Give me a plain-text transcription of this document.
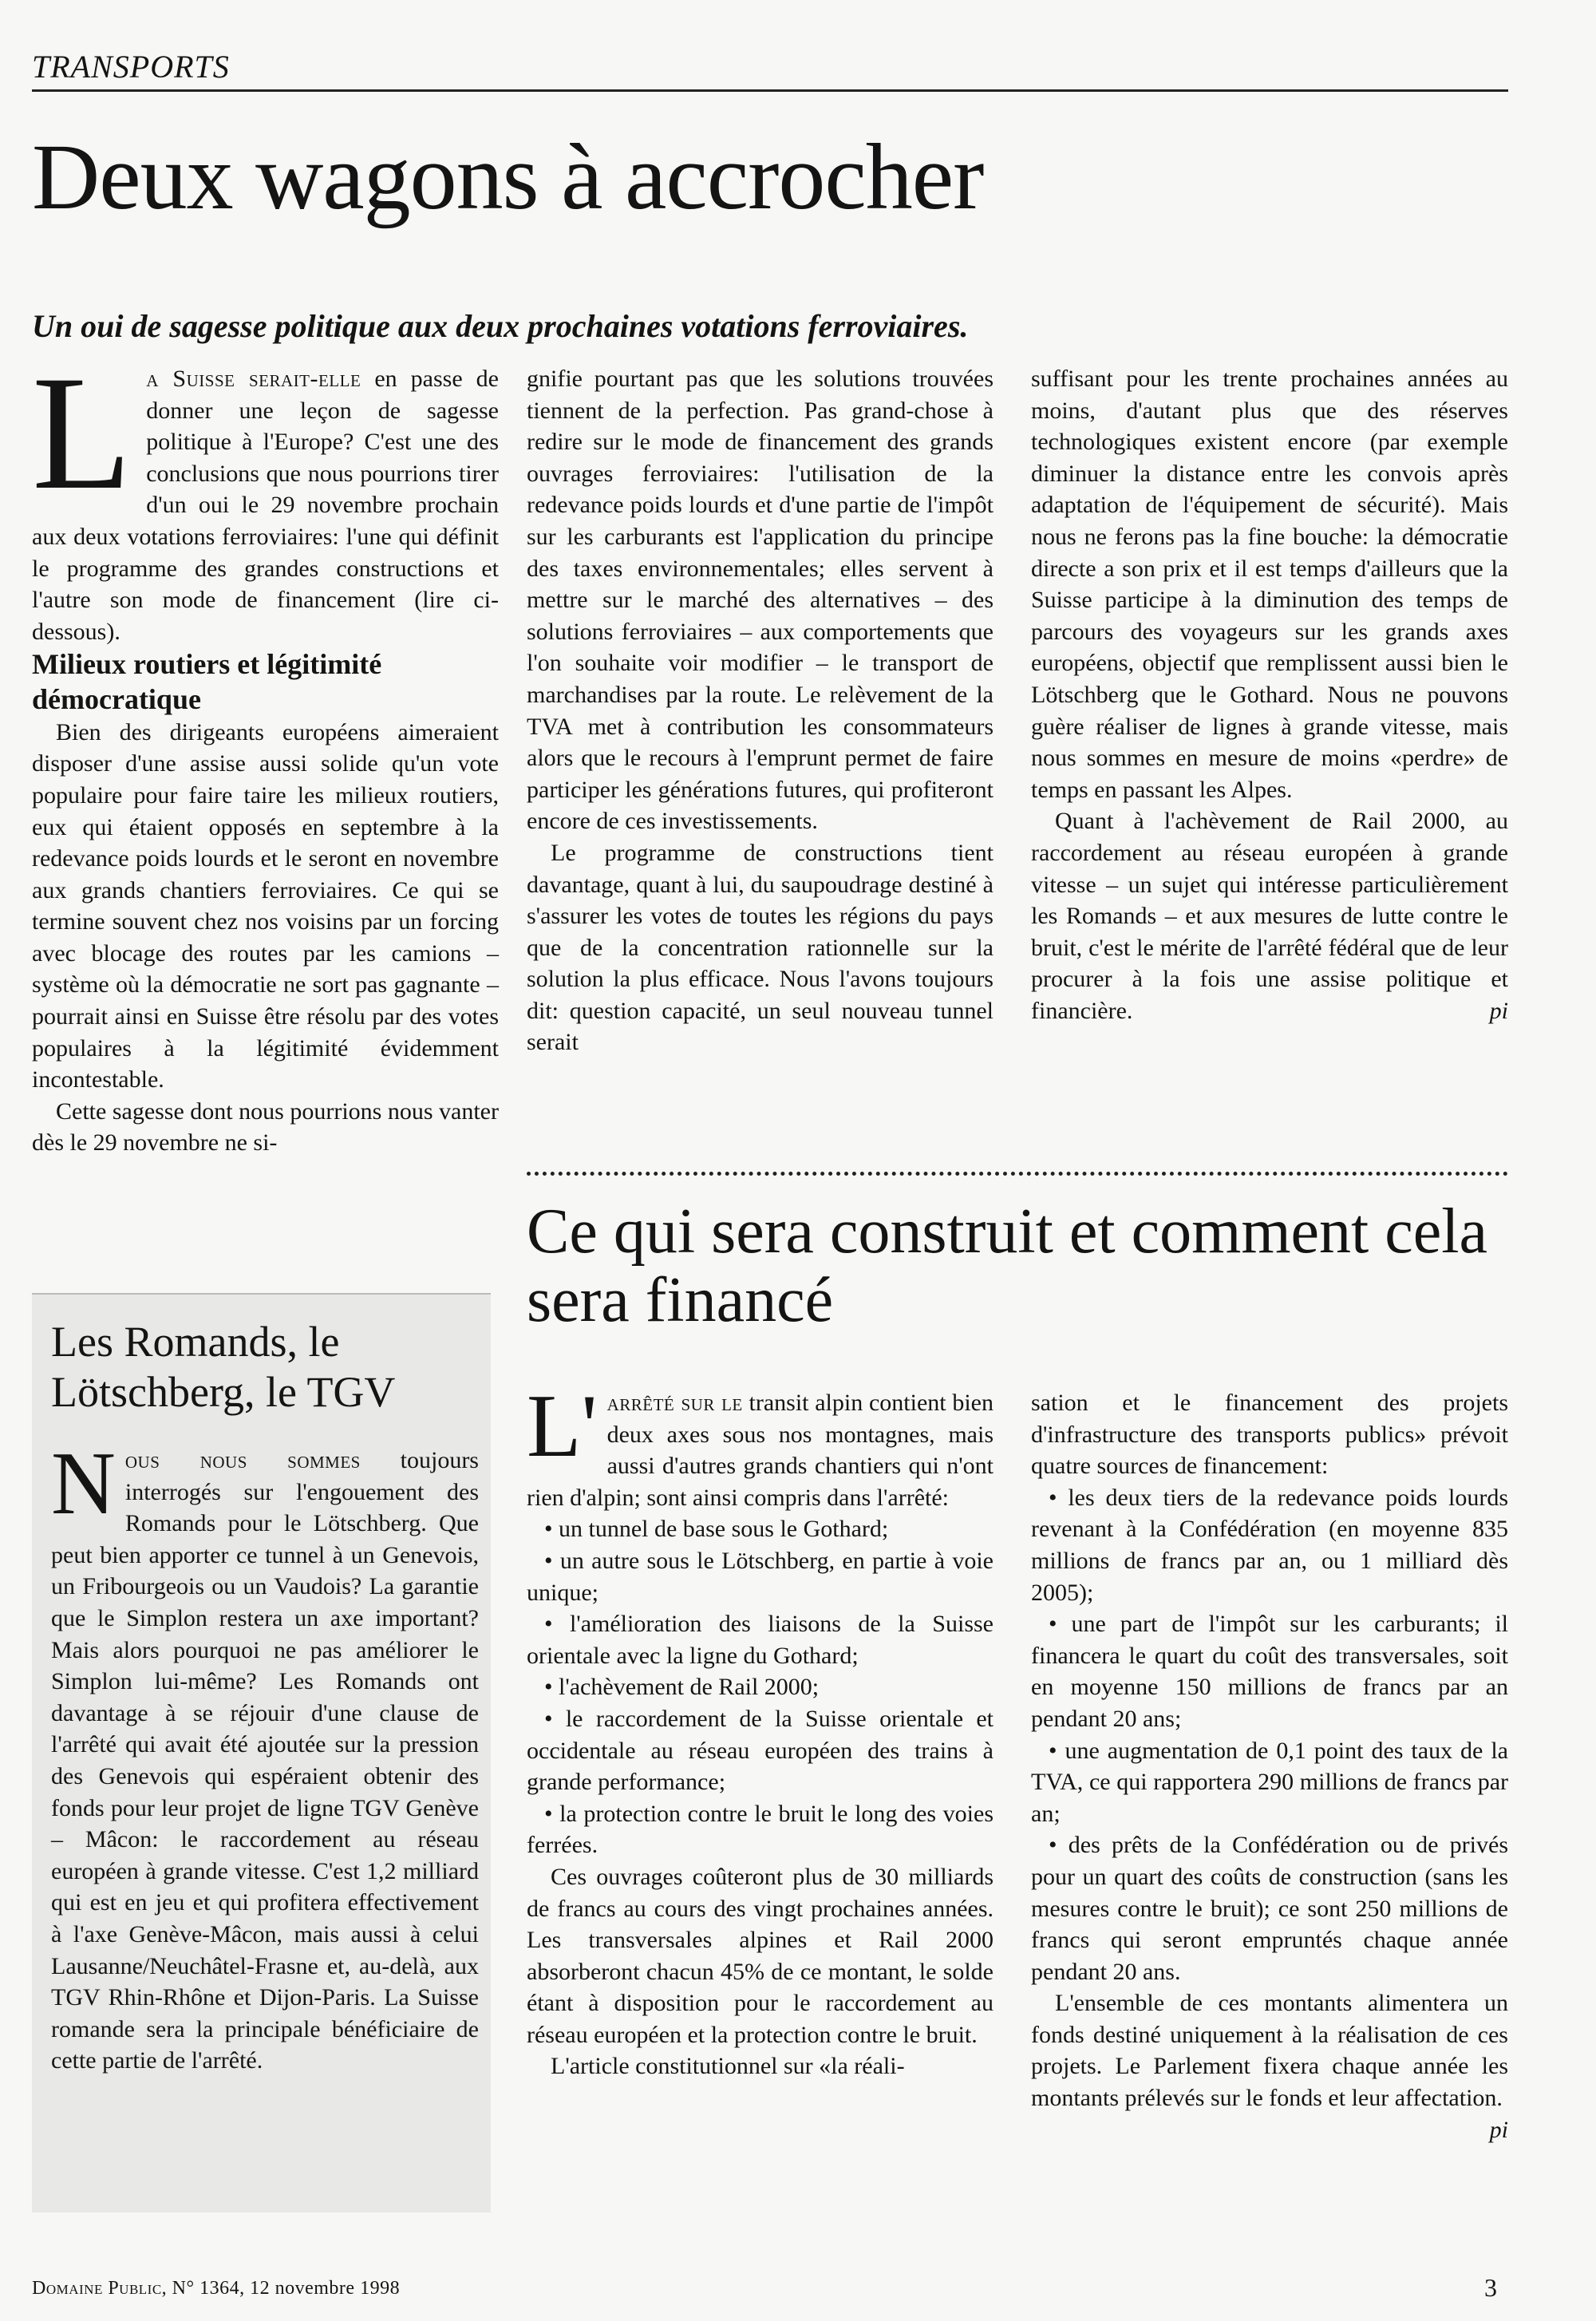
TRANSPORTS
Deux wagons à accrocher
Un oui de sagesse politique aux deux prochaines votations ferroviaires.

La Suisse serait-elle en passe de donner une leçon de sagesse politique à l'Europe? C'est une des conclusions que nous pourrions tirer d'un oui le 29 novembre prochain aux deux votations ferroviaires: l'une qui définit le programme des grandes constructions et l'autre son mode de financement (lire ci-dessous).

Milieux routiers et légitimité démocratique

Bien des dirigeants européens aimeraient disposer d'une assise aussi solide qu'un vote populaire pour faire taire les milieux routiers, eux qui étaient opposés en septembre à la redevance poids lourds et le seront en novembre aux grands chantiers ferroviaires. Ce qui se termine souvent chez nos voisins par un forcing avec blocage des routes par les camions – système où la démocratie ne sort pas gagnante – pourrait ainsi en Suisse être résolu par des votes populaires à la légitimité évidemment incontestable.

Cette sagesse dont nous pourrions nous vanter dès le 29 novembre ne si-

gnifie pourtant pas que les solutions trouvées tiennent de la perfection. Pas grand-chose à redire sur le mode de financement des grands ouvrages ferroviaires: l'utilisation de la redevance poids lourds et d'une partie de l'impôt sur les carburants est l'application du principe des taxes environnementales; elles servent à mettre sur le marché des alternatives – des solutions ferroviaires – aux comportements que l'on souhaite voir modifier – le transport de marchandises par la route. Le relèvement de la TVA met à contribution les consommateurs alors que le recours à l'emprunt permet de faire participer les générations futures, qui profiteront encore de ces investissements.

Le programme de constructions tient davantage, quant à lui, du saupoudrage destiné à s'assurer les votes de toutes les régions du pays que de la concentration rationnelle sur la solution la plus efficace. Nous l'avons toujours dit: question capacité, un seul nouveau tunnel serait

suffisant pour les trente prochaines années au moins, d'autant plus que des réserves technologiques existent encore (par exemple diminuer la distance entre les convois après adaptation de l'équipement de sécurité). Mais nous ne ferons pas la fine bouche: la démocratie directe a son prix et il est temps d'ailleurs que la Suisse participe à la diminution des temps de parcours des voyageurs sur les grands axes européens, objectif que remplissent aussi bien le Lötschberg que le Gothard. Nous ne pouvons guère réaliser de lignes à grande vitesse, mais nous sommes en mesure de moins «perdre» de temps en passant les Alpes.

Quant à l'achèvement de Rail 2000, au raccordement au réseau européen à grande vitesse – un sujet qui intéresse particulièrement les Romands – et aux mesures de lutte contre le bruit, c'est le mérite de l'arrêté fédéral que de leur procurer à la fois une assise politique et financière.	pi

Les Romands, le Lötschberg, le TGV

Nous nous sommes toujours interrogés sur l'engouement des Romands pour le Lötschberg. Que peut bien apporter ce tunnel à un Genevois, un Fribourgeois ou un Vaudois? La garantie que le Simplon restera un axe important? Mais alors pourquoi ne pas améliorer le Simplon lui-même? Les Romands ont davantage à se réjouir d'une clause de l'arrêté qui avait été ajoutée sur la pression des Genevois qui espéraient obtenir des fonds pour leur projet de ligne TGV Genève – Mâcon: le raccordement au réseau européen à grande vitesse. C'est 1,2 milliard qui est en jeu et qui profitera effectivement à l'axe Genève-Mâcon, mais aussi à celui Lausanne/Neuchâtel-Frasne et, au-delà, aux TGV Rhin-Rhône et Dijon-Paris. La Suisse romande sera la principale bénéficiaire de cette partie de l'arrêté.

Ce qui sera construit et comment cela sera financé

L' arrêté sur le transit alpin contient bien deux axes sous nos montagnes, mais aussi d'autres grands chantiers qui n'ont rien d'alpin; sont ainsi compris dans l'arrêté:

• un tunnel de base sous le Gothard;

• un autre sous le Lötschberg, en partie à voie unique;

• l'amélioration des liaisons de la Suisse orientale avec la ligne du Gothard;

• l'achèvement de Rail 2000;

• le raccordement de la Suisse orientale et occidentale au réseau européen des trains à grande performance;

• la protection contre le bruit le long des voies ferrées.

Ces ouvrages coûteront plus de 30 milliards de francs au cours des vingt prochaines années. Les transversales alpines et Rail 2000 absorberont chacun 45% de ce montant, le solde étant à disposition pour le raccordement au réseau européen et la protection contre le bruit.

L'article constitutionnel sur «la réali-

sation et le financement des projets d'infrastructure des transports publics» prévoit quatre sources de financement:

• les deux tiers de la redevance poids lourds revenant à la Confédération (en moyenne 835 millions de francs par an, ou 1 milliard dès 2005);

• une part de l'impôt sur les carburants; il financera le quart du coût des transversales, soit en moyenne 150 millions de francs par an pendant 20 ans;

• une augmentation de 0,1 point des taux de la TVA, ce qui rapportera 290 millions de francs par an;

• des prêts de la Confédération ou de privés pour un quart des coûts de construction (sans les mesures contre le bruit); ce sont 250 millions de francs qui seront empruntés chaque année pendant 20 ans.

L'ensemble de ces montants alimentera un fonds destiné uniquement à la réalisation de ces projets. Le Parlement fixera chaque année les montants prélevés sur le fonds et leur affectation.
pi

Domaine Public, N° 1364, 12 novembre 1998	3
